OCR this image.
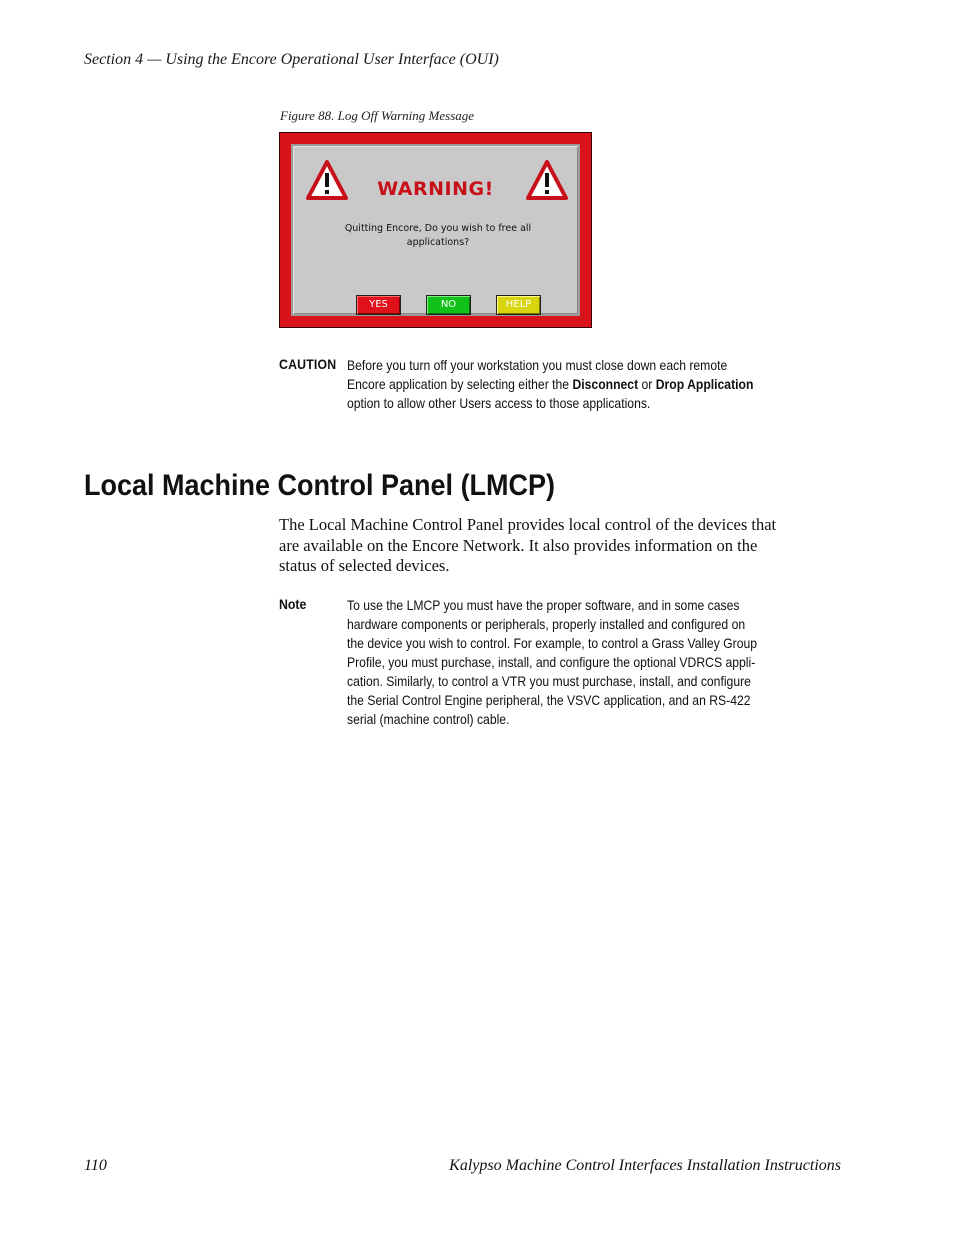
Section 4 — Using the Encore Operational User Interface (OUI)
Figure 88. Log Off Warning Message
WARNING!
Quitting Encore, Do you wish to free all
applications?
YES	NO	HELP
CAUTION Before you turn off your workstation you must close down each remote
Encore application by selecting either the Disconnect or Drop Application
option to allow other Users access to those applications.
Local Machine Control Panel (LMCP)
The Local Machine Control Panel provides local control of the devices that
are available on the Encore Network. It also provides information on the
status of selected devices.
Note	To use the LMCP you must have the proper software, and in some cases
hardware components or peripherals, properly installed and configured on
the device you wish to control. For example, to control a Grass Valley Group
Profile, you must purchase, install, and configure the optional VDRCS appli-
cation. Similarly, to control a VTR you must purchase, install, and configure
the Serial Control Engine peripheral, the VSVC application, and an RS-422
serial (machine control) cable.
110	Kalypso Machine Control Interfaces Installation Instructions
